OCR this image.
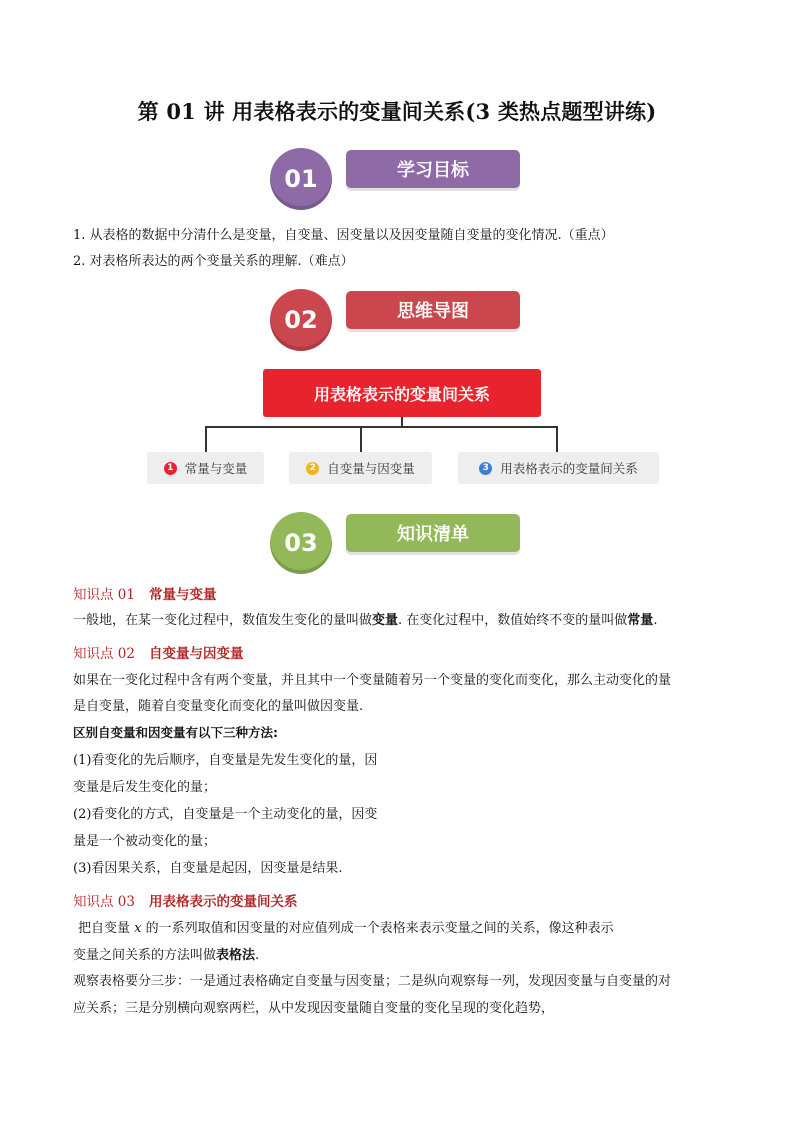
第 01 讲 用表格表示的变量间关系(3 类热点题型讲练)
01	学习目标
1. 从表格的数据中分清什么是变量，自变量、因变量以及因变量随自变量的变化情况.（重点）
2. 对表格所表达的两个变量关系的理解.（难点）
02	思维导图
用表格表示的变量间关系
1 常量与变量	2 自变量与因变量	3 用表格表示的变量间关系
03	知识清单
知识点 01 常量与变量
一般地，在某一变化过程中，数值发生变化的量叫做变量. 在变化过程中，数值始终不变的量叫做常量.
知识点 02 自变量与因变量
如果在一变化过程中含有两个变量，并且其中一个变量随着另一个变量的变化而变化，那么主动变化的量
是自变量，随着自变量变化而变化的量叫做因变量.
区别自变量和因变量有以下三种方法:
(1)看变化的先后顺序，自变量是先发生变化的量，因
变量是后发生变化的量；
(2)看变化的方式，自变量是一个主动变化的量，因变
量是一个被动变化的量；
(3)看因果关系，自变量是起因，因变量是结果.
知识点 03 用表格表示的变量间关系
把自变量 x 的一系列取值和因变量的对应值列成一个表格来表示变量之间的关系，像这种表示
变量之间关系的方法叫做表格法.
观察表格要分三步：一是通过表格确定自变量与因变量；二是纵向观察每一列，发现因变量与自变量的对
应关系；三是分别横向观察两栏，从中发现因变量随自变量的变化呈现的变化趋势，
